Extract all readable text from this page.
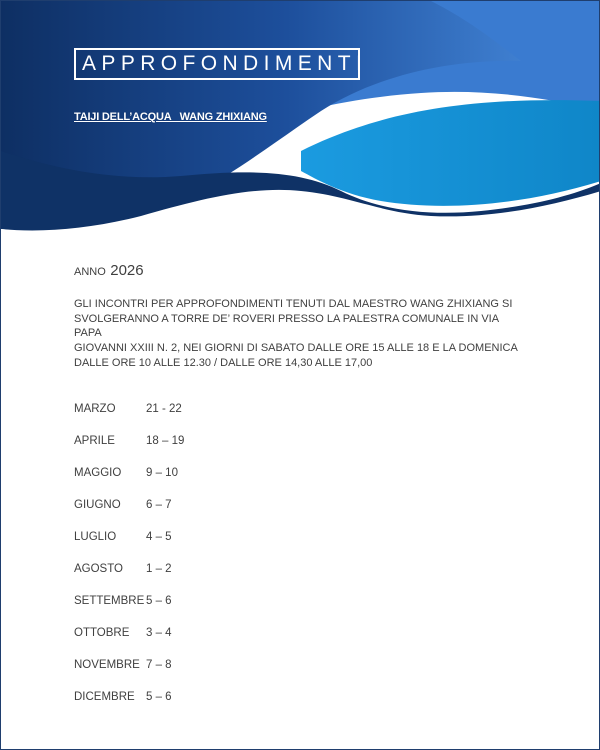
APPROFONDIMENTI
TAIJI DELL’ACQUA   WANG ZHIXIANG
ANNO 2026
GLI INCONTRI PER APPROFONDIMENTI TENUTI DAL MAESTRO WANG ZHIXIANG SI
SVOLGERANNO A TORRE DE’ ROVERI PRESSO LA PALESTRA COMUNALE IN VIA PAPA
GIOVANNI XXIII N. 2, NEI GIORNI DI SABATO DALLE ORE 15 ALLE 18 E LA DOMENICA
DALLE ORE 10 ALLE 12.30 / DALLE ORE 14,30 ALLE 17,00
MARZO	21 - 22
APRILE	18 – 19
MAGGIO 9 – 10
GIUGNO 6 – 7
LUGLIO	4 – 5
AGOSTO 1 – 2
SETTEMBRE 5 – 6
OTTOBRE 3 – 4
NOVEMBRE 7 – 8
DICEMBRE 5 – 6
